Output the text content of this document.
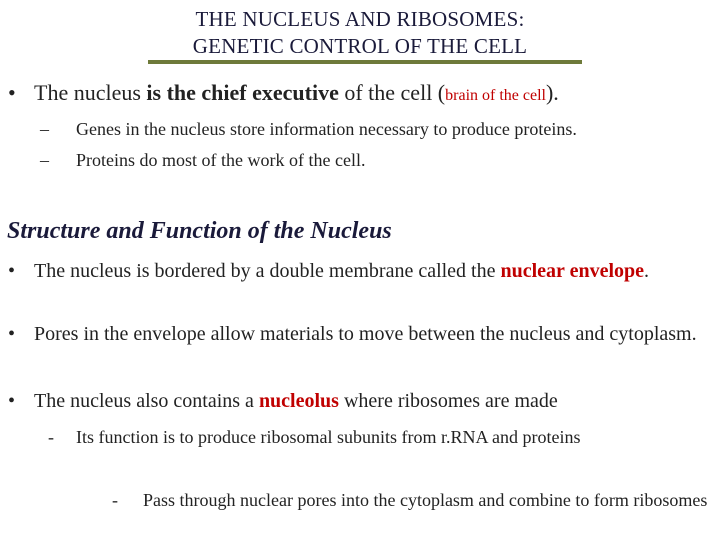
THE NUCLEUS AND RIBOSOMES:
GENETIC CONTROL OF THE CELL
• The nucleus is the chief executive of the cell (brain of the cell).
– Genes in the nucleus store information necessary to produce proteins.
– Proteins do most of the work of the cell.
Structure and Function of the Nucleus
• The nucleus is bordered by a double membrane called the nuclear envelope.
• Pores in the envelope allow materials to move between the nucleus and cytoplasm.
• The nucleus also contains a nucleolus where ribosomes are made
-	Its function is to produce ribosomal subunits from r.RNA and proteins
-	Pass through nuclear pores into the cytoplasm and combine to form ribosomes
